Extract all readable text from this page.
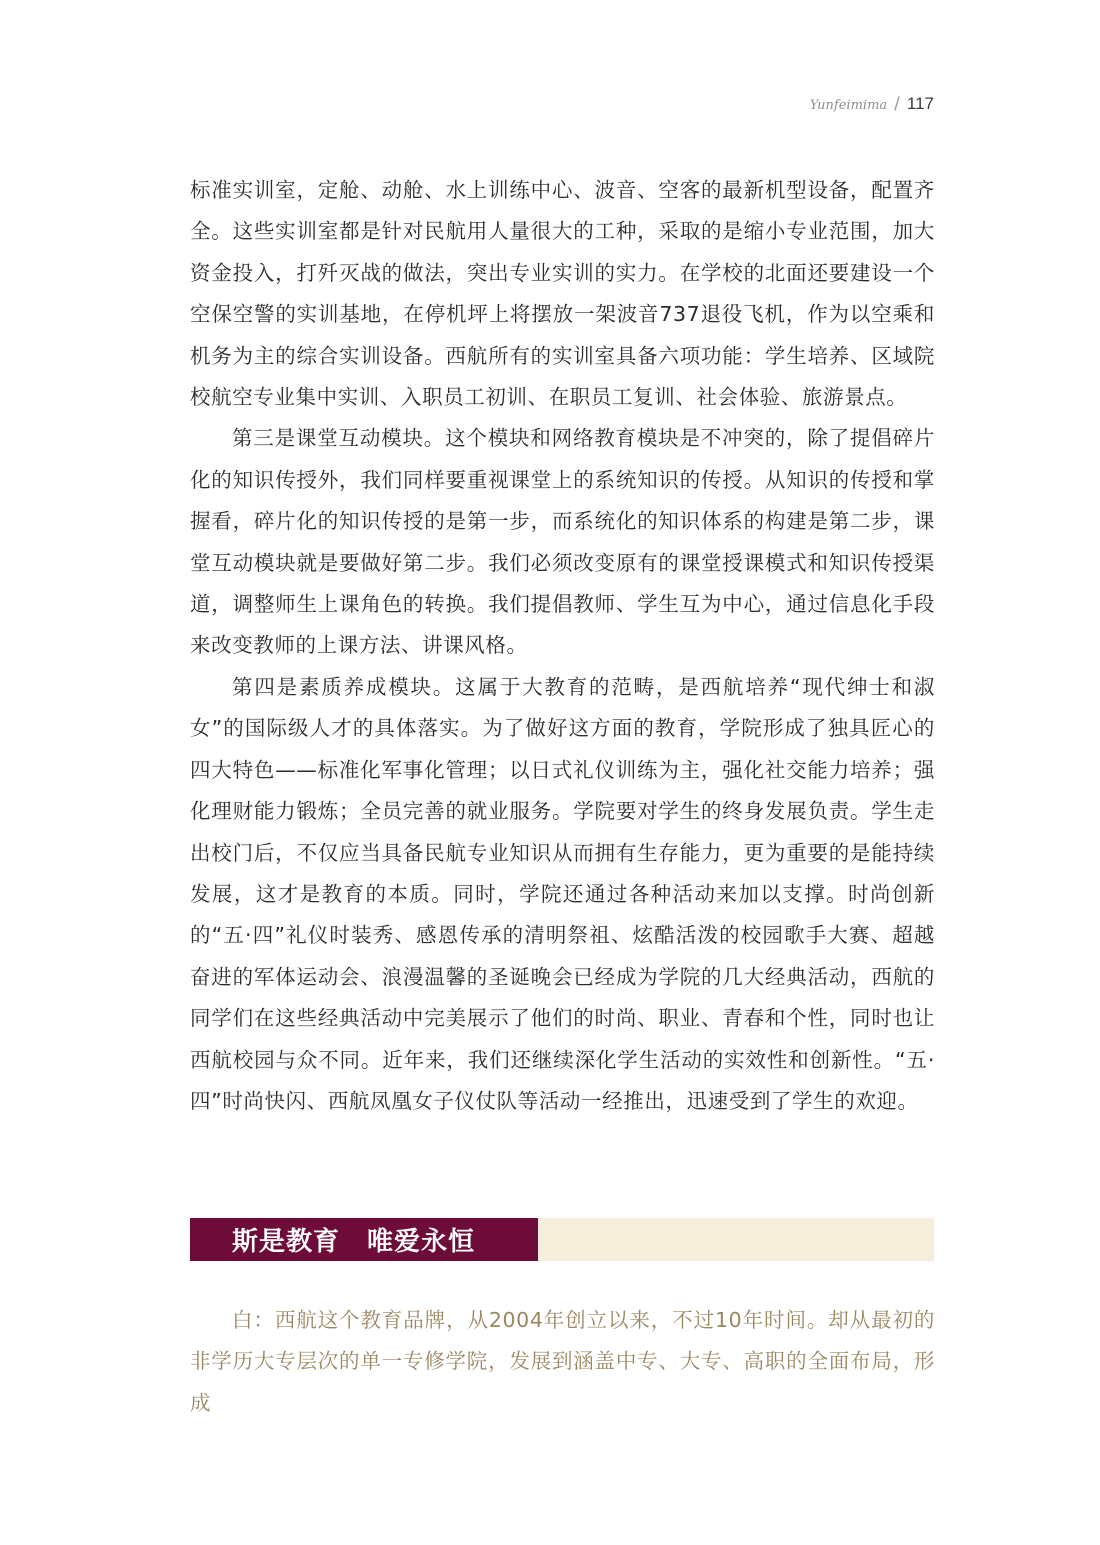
Yunfeimima / 117

标准实训室，定舱、动舱、水上训练中心、波音、空客的最新机型设备，配置齐全。这些实训室都是针对民航用人量很大的工种，采取的是缩小专业范围，加大资金投入，打歼灭战的做法，突出专业实训的实力。在学校的北面还要建设一个空保空警的实训基地，在停机坪上将摆放一架波音737退役飞机，作为以空乘和机务为主的综合实训设备。西航所有的实训室具备六项功能：学生培养、区域院校航空专业集中实训、入职员工初训、在职员工复训、社会体验、旅游景点。

第三是课堂互动模块。这个模块和网络教育模块是不冲突的，除了提倡碎片化的知识传授外，我们同样要重视课堂上的系统知识的传授。从知识的传授和掌握看，碎片化的知识传授的是第一步，而系统化的知识体系的构建是第二步，课堂互动模块就是要做好第二步。我们必须改变原有的课堂授课模式和知识传授渠道，调整师生上课角色的转换。我们提倡教师、学生互为中心，通过信息化手段来改变教师的上课方法、讲课风格。

第四是素质养成模块。这属于大教育的范畴，是西航培养“现代绅士和淑女”的国际级人才的具体落实。为了做好这方面的教育，学院形成了独具匠心的四大特色——标准化军事化管理；以日式礼仪训练为主，强化社交能力培养；强化理财能力锻炼；全员完善的就业服务。学院要对学生的终身发展负责。学生走出校门后，不仅应当具备民航专业知识从而拥有生存能力，更为重要的是能持续发展，这才是教育的本质。同时，学院还通过各种活动来加以支撑。时尚创新的“五·四”礼仪时装秀、感恩传承的清明祭祖、炫酷活泼的校园歌手大赛、超越奋进的军体运动会、浪漫温馨的圣诞晚会已经成为学院的几大经典活动，西航的同学们在这些经典活动中完美展示了他们的时尚、职业、青春和个性，同时也让西航校园与众不同。近年来，我们还继续深化学生活动的实效性和创新性。“五·四”时尚快闪、西航凤凰女子仪仗队等活动一经推出，迅速受到了学生的欢迎。

斯是教育　唯爱永恒

白：西航这个教育品牌，从2004年创立以来，不过10年时间。却从最初的非学历大专层次的单一专修学院，发展到涵盖中专、大专、高职的全面布局，形成
